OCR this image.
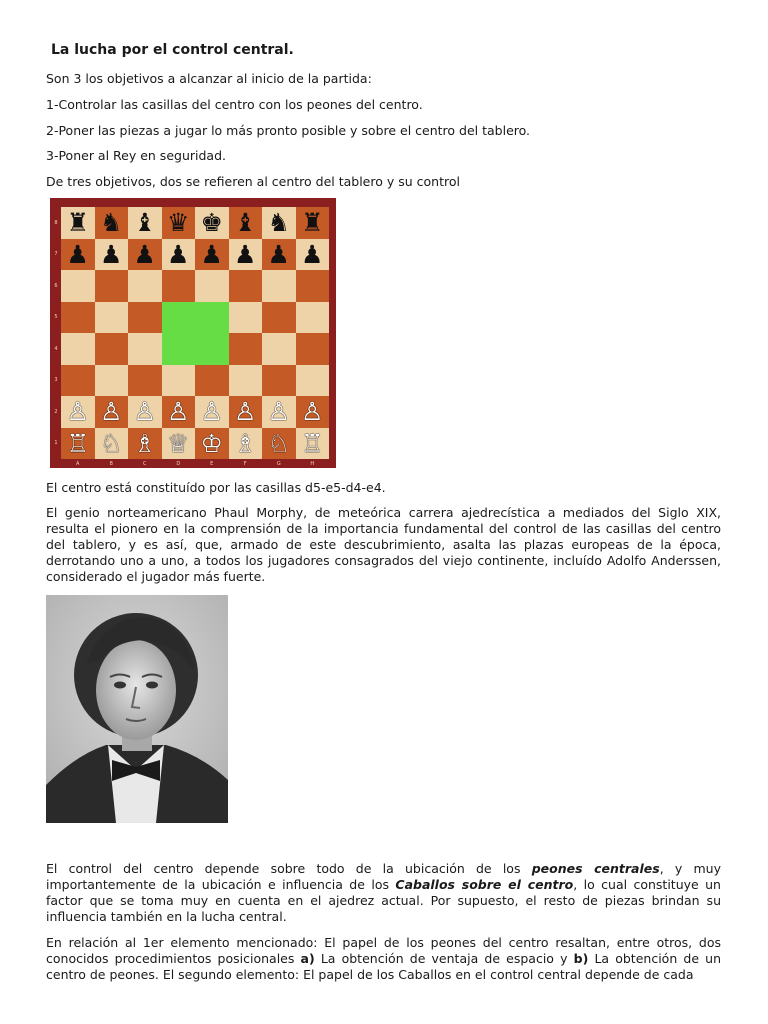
La lucha por el control central.
Son 3 los objetivos a alcanzar al inicio de la partida:
1-Controlar las casillas del centro con los peones del centro.
2-Poner las piezas a jugar lo más pronto posible y sobre el centro del tablero.
3-Poner al Rey en seguridad.
De tres objetivos, dos se refieren al centro del tablero y su control
♜ ♞ ♝ ♛ ♚ ♝ ♞ ♜
8
♟ ♟ ♟ ♟ ♟ ♟ ♟ ♟
7
6
5
4
3
♙ ♙ ♙ ♙ ♙ ♙ ♙ ♙
2
♖ ♘ ♗ ♕ ♔ ♗ ♘ ♖
1
A	B	C	D	E	F	G	H
El centro está constituído por las casillas d5-e5-d4-e4.
El genio norteamericano Phaul Morphy, de meteórica carrera ajedrecística a mediados del Siglo XIX, resulta el pionero en la comprensión de la importancia fundamental del control de las casillas del centro del tablero, y es así, que, armado de este descubrimiento, asalta las plazas europeas de la época, derrotando uno a uno, a todos los jugadores consagrados del viejo continente, incluído Adolfo Anderssen, considerado el jugador más fuerte.
El control del centro depende sobre todo de la ubicación de los peones centrales, y muy importantemente de la ubicación e influencia de los Caballos sobre el centro, lo cual constituye un factor que se toma muy en cuenta en el ajedrez actual. Por supuesto, el resto de piezas brindan su influencia también en la lucha central.
En relación al 1er elemento mencionado: El papel de los peones del centro resaltan, entre otros, dos conocidos procedimientos posicionales a) La obtención de ventaja de espacio y b) La obtención de un centro de peones. El segundo elemento: El papel de los Caballos en el control central depende de cada
